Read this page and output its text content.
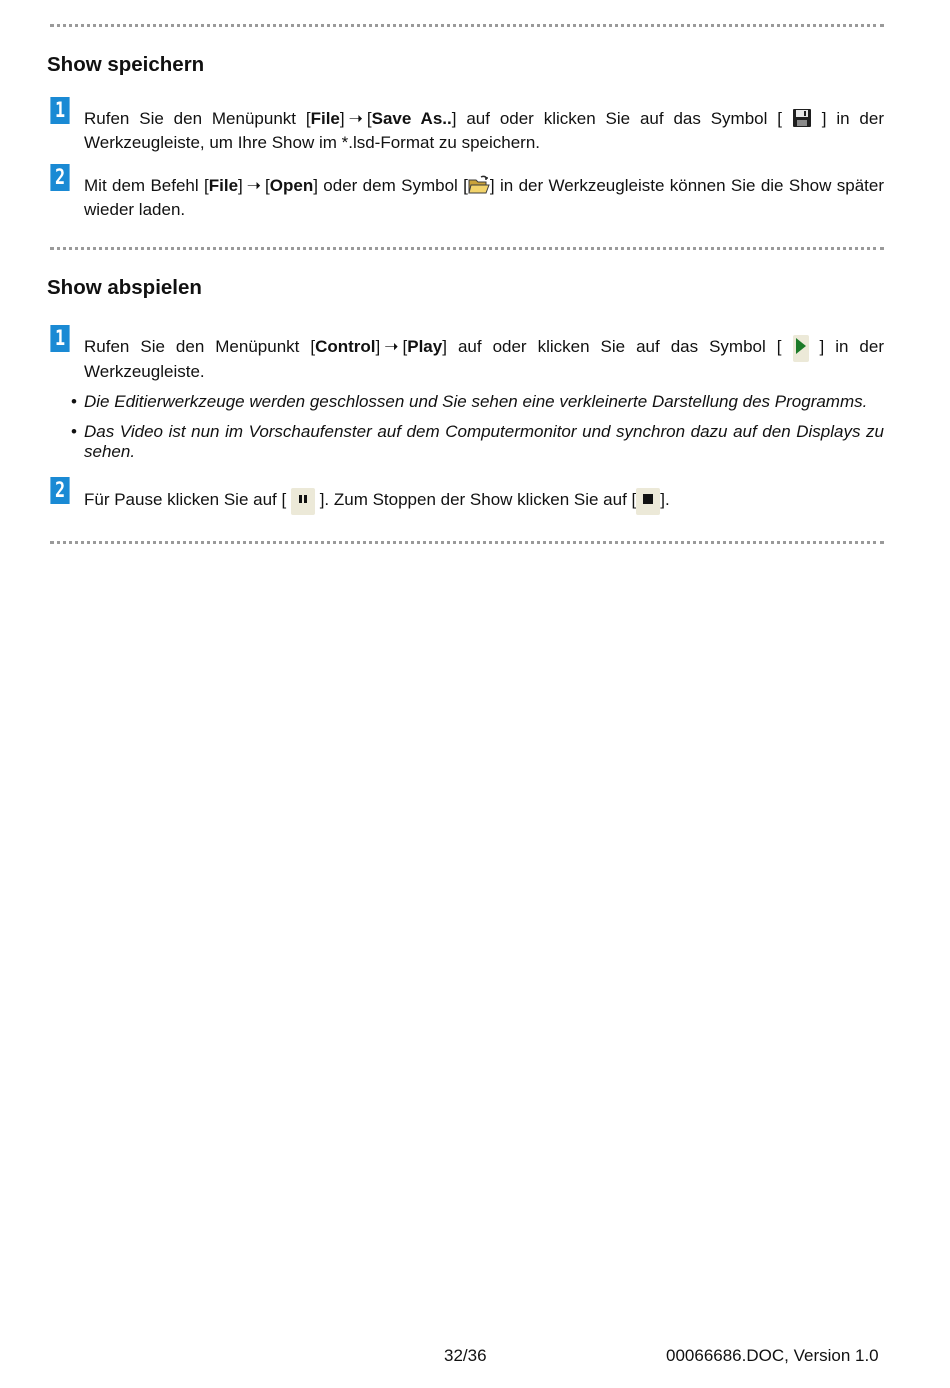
Show speichern
1 Rufen Sie den Menüpunkt [File] ➝ [Save As..] auf oder klicken Sie auf das Symbol [ ] in der Werkzeugleiste, um Ihre Show im *.lsd-Format zu speichern.

2 Mit dem Befehl [File] ➝ [Open] oder dem Symbol [ ] in der Werkzeugleiste können Sie die Show später wieder laden.

Show abspielen
1 Rufen Sie den Menüpunkt [Control] ➝ [Play] auf oder klicken Sie auf das Symbol [ ] in der Werkzeugleiste.

• Die Editierwerkzeuge werden geschlossen und Sie sehen eine verkleinerte Darstellung des Programms.

• Das Video ist nun im Vorschaufenster auf dem Computermonitor und synchron dazu auf den Displays zu sehen.

2 Für Pause klicken Sie auf [ ]. Zum Stoppen der Show klicken Sie auf [ ].

32/36	00066686.DOC, Version 1.0
